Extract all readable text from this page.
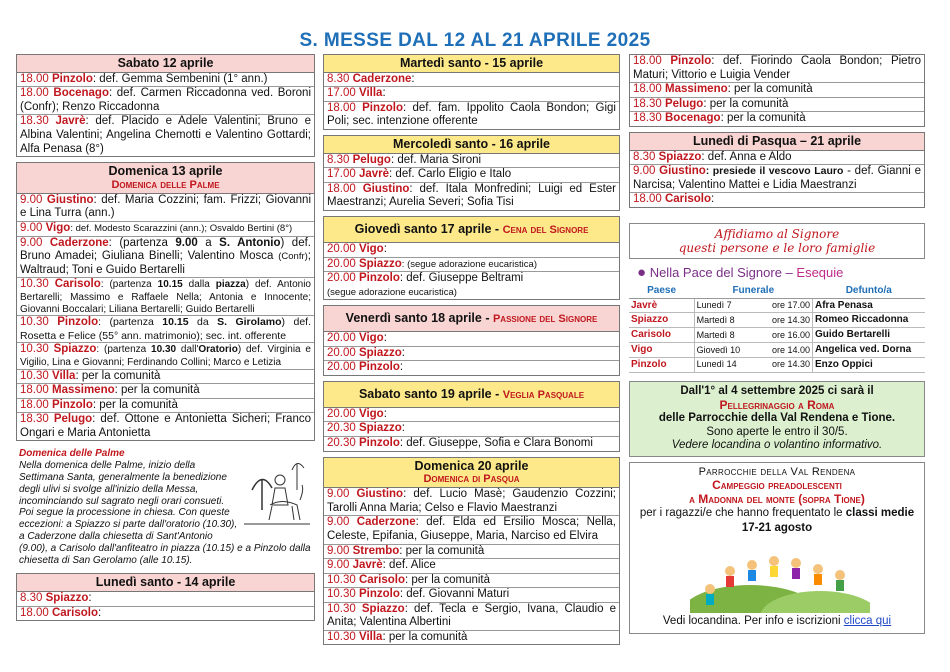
S. MESSE DAL 12 AL 21 APRILE 2025
Sabato 12 aprile
18.00 Pinzolo: def. Gemma Sembenini (1° ann.)
18.00 Bocenago: def. Carmen Riccadonna ved. Boroni (Confr); Renzo Riccadonna
18.30 Javrè: def. Placido e Adele Valentini; Bruno e Albina Valentini; Angelina Chemotti e Valentino Gottardi; Alfa Penasa (8°)
Domenica 13 aprile
Domenica delle Palme
9.00 Giustino: def. Maria Cozzini; fam. Frizzi; Giovanni e Lina Turra (ann.)
9.00 Vigo: def. Modesto Scarazzini (ann.); Osvaldo Bertini (8°)
9.00 Caderzone: (partenza 9.00 a S. Antonio) def. Bruno Amadei; Giuliana Binelli; Valentino Mosca (Confr); Waltraud; Toni e Guido Bertarelli
10.30 Carisolo: (partenza 10.15 dalla piazza) def. Antonio Bertarelli; Massimo e Raffaele Nella; Antonia e Innocente; Giovanni Boccalari; Liliana Bertarelli; Guido Bertarelli
10.30 Pinzolo: (partenza 10.15 da S. Girolamo) def. Rosetta e Felice (55° ann. matrimonio); sec. int. offerente
10.30 Spiazzo: (partenza 10.30 dall'Oratorio) def. Virginia e Vigilio, Lina e Giovanni; Ferdinando Collini; Marco e Letizia
10.30 Villa: per la comunità
18.00 Massimeno: per la comunità
18.00 Pinzolo: per la comunità
18.30 Pelugo: def. Ottone e Antonietta Sicheri; Franco Ongari e Maria Antonietta
Domenica delle Palme
Nella domenica delle Palme, inizio della Settimana Santa, generalmente la benedizione degli ulivi si svolge all'inizio della Messa, incominciando sul sagrato negli orari consueti. Poi segue la processione in chiesa. Con queste eccezioni: a Spiazzo si parte dall'oratorio (10.30), a Caderzone dalla chiesetta di Sant'Antonio (9.00), a Carisolo dall'anfiteatro in piazza (10.15) e a Pinzolo dalla chiesetta di San Gerolamo (alle 10.15).
Lunedì santo - 14 aprile
8.30 Spiazzo:
18.00 Carisolo:
Martedì santo - 15 aprile
8.30 Caderzone:
17.00 Villa:
18.00 Pinzolo: def. fam. Ippolito Caola Bondon; Gigi Poli; sec. intenzione offerente
Mercoledì santo - 16 aprile
8.30 Pelugo: def. Maria Sironi
17.00 Javrè: def. Carlo Eligio e Italo
18.00 Giustino: def. Itala Monfredini; Luigi ed Ester Maestranzi; Aurelia Severi; Sofia Tisi
Giovedì santo 17 aprile - Cena del Signore
20.00 Vigo:
20.00 Spiazzo: (segue adorazione eucaristica)
20.00 Pinzolo: def. Giuseppe Beltrami
(segue adorazione eucaristica)
Venerdì santo 18 aprile - Passione del Signore
20.00 Vigo:
20.00 Spiazzo:
20.00 Pinzolo:
Sabato santo 19 aprile - Veglia Pasquale
20.00 Vigo:
20.30 Spiazzo:
20.30 Pinzolo: def. Giuseppe, Sofia e Clara Bonomi
Domenica 20 aprile
Domenica di Pasqua
9.00 Giustino: def. Lucio Masè; Gaudenzio Cozzini; Tarolli Anna Maria; Celso e Flavio Maestranzi
9.00 Caderzone: def. Elda ed Ersilio Mosca; Nella, Celeste, Epifania, Giuseppe, Maria, Narciso ed Elvira
9.00 Strembo: per la comunità
9.00 Javrè: def. Alice
10.30 Carisolo: per la comunità
10.30 Pinzolo: def. Giovanni Maturi
10.30 Spiazzo: def. Tecla e Sergio, Ivana, Claudio e Anita; Valentina Albertini
10.30 Villa: per la comunità
18.00 Pinzolo: def. Fiorindo Caola Bondon; Pietro Maturi; Vittorio e Luigia Vender
18.00 Massimeno: per la comunità
18.30 Pelugo: per la comunità
18.30 Bocenago: per la comunità
Lunedì di Pasqua – 21 aprile
8.30 Spiazzo: def. Anna e Aldo
9.00 Giustino: presiede il vescovo Lauro - def. Gianni e Narcisa; Valentino Mattei e Lidia Maestranzi
18.00 Carisolo:
Affidiamo al Signore
questi persone e le loro famiglie
● Nella Pace del Signore – Esequie
Paese	Funerale	Defunto/a
Javrè	Lunedì 7 ore 17.00	Afra Penasa
Spiazzo	Martedì 8 ore 14.30	Romeo Riccadonna
Carisolo	Martedì 8 ore 16.00	Guido Bertarelli
Vigo	Giovedì 10 ore 14.00	Angelica ved. Dorna
Pinzolo	Lunedì 14 ore 14.30	Enzo Oppici
Dall'1° al 4 settembre 2025 ci sarà il
Pellegrinaggio a Roma
delle Parrocchie della Val Rendena e Tione.
Sono aperte le entro il 30/5.
Vedere locandina o volantino informativo.
Parrocchie della Val Rendena
Campeggio preadolescenti
a Madonna del monte (sopra Tione)
per i ragazzi/e che hanno frequentato le classi medie
17-21 agosto
Vedi locandina. Per info e iscrizioni clicca qui
